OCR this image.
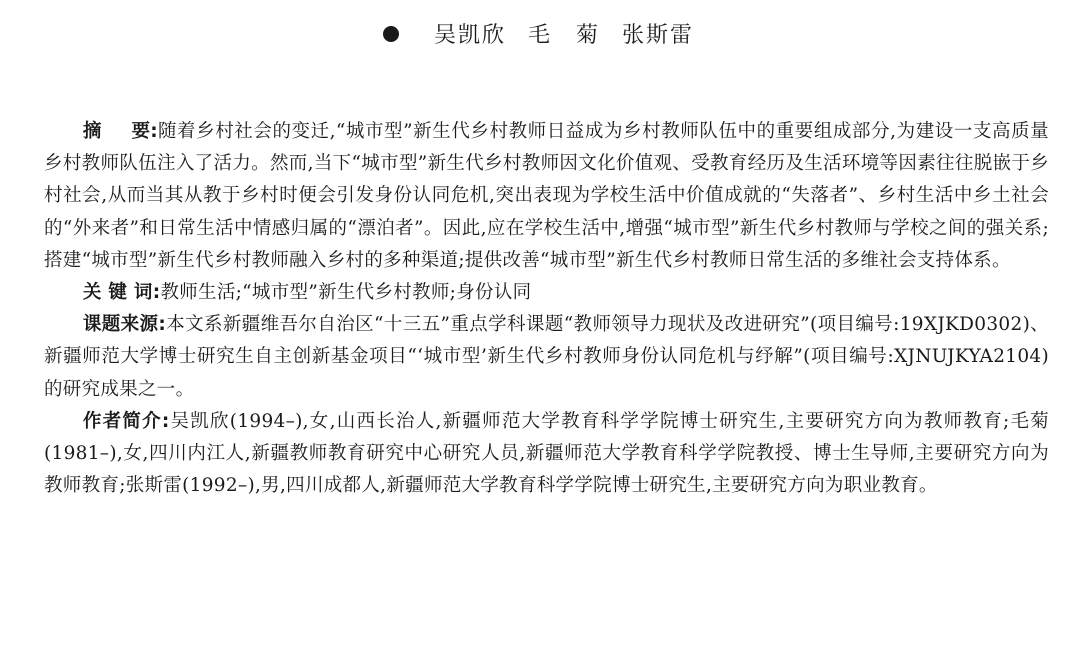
吴凯欣 毛　菊 张斯雷

摘 要:随着乡村社会的变迁,“城市型”新生代乡村教师日益成为乡村教师队伍中的重要组成部分,为建设一支高质量乡村教师队伍注入了活力。然而,当下“城市型”新生代乡村教师因文化价值观、受教育经历及生活环境等因素往往脱嵌于乡村社会,从而当其从教于乡村时便会引发身份认同危机,突出表现为学校生活中价值成就的“失落者”、乡村生活中乡土社会的“外来者”和日常生活中情感归属的“漂泊者”。因此,应在学校生活中,增强“城市型”新生代乡村教师与学校之间的强关系;搭建“城市型”新生代乡村教师融入乡村的多种渠道;提供改善“城市型”新生代乡村教师日常生活的多维社会支持体系。

关 键 词:教师生活;“城市型”新生代乡村教师;身份认同

课题来源:本文系新疆维吾尔自治区“十三五”重点学科课题“教师领导力现状及改进研究”(项目编号:19XJKD0302)、新疆师范大学博士研究生自主创新基金项目“‘城市型’新生代乡村教师身份认同危机与纾解”(项目编号:XJNUJKYA2104)的研究成果之一。

作者简介:吴凯欣(1994–),女,山西长治人,新疆师范大学教育科学学院博士研究生,主要研究方向为教师教育;毛菊(1981–),女,四川内江人,新疆教师教育研究中心研究人员,新疆师范大学教育科学学院教授、博士生导师,主要研究方向为教师教育;张斯雷(1992–),男,四川成都人,新疆师范大学教育科学学院博士研究生,主要研究方向为职业教育。
